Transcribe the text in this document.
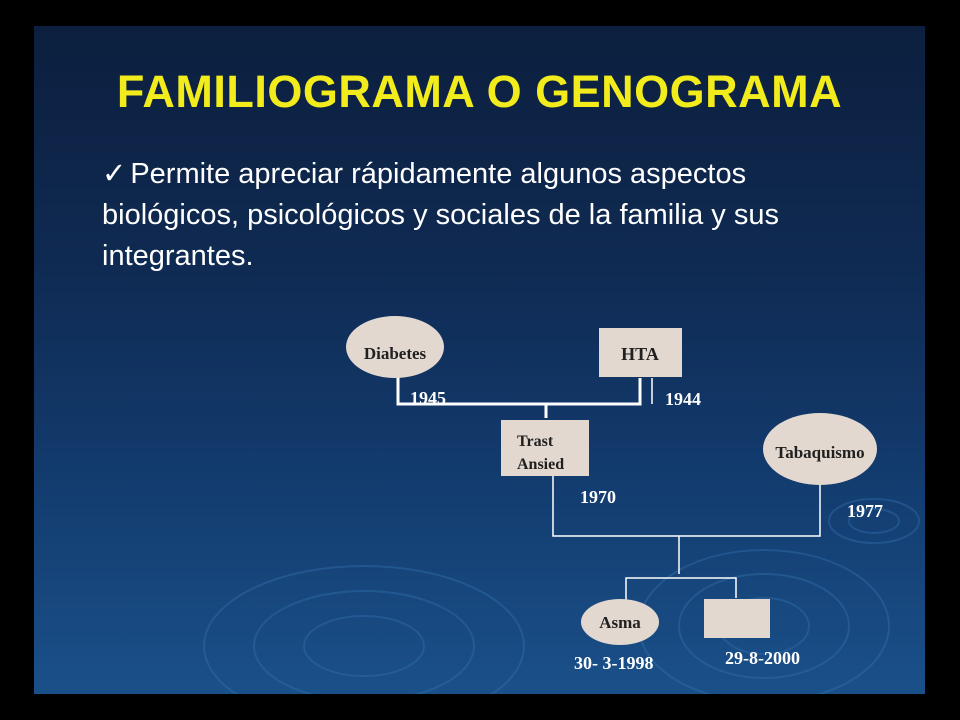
FAMILIOGRAMA O GENOGRAMA
✓ Permite apreciar rápidamente algunos aspectos biológicos, psicológicos y sociales de la familia y sus integrantes.
Diabetes
1945
HTA
1944
Trast
Ansied
1970
Tabaquismo
1977
Asma
30- 3-1998	29-8-2000
